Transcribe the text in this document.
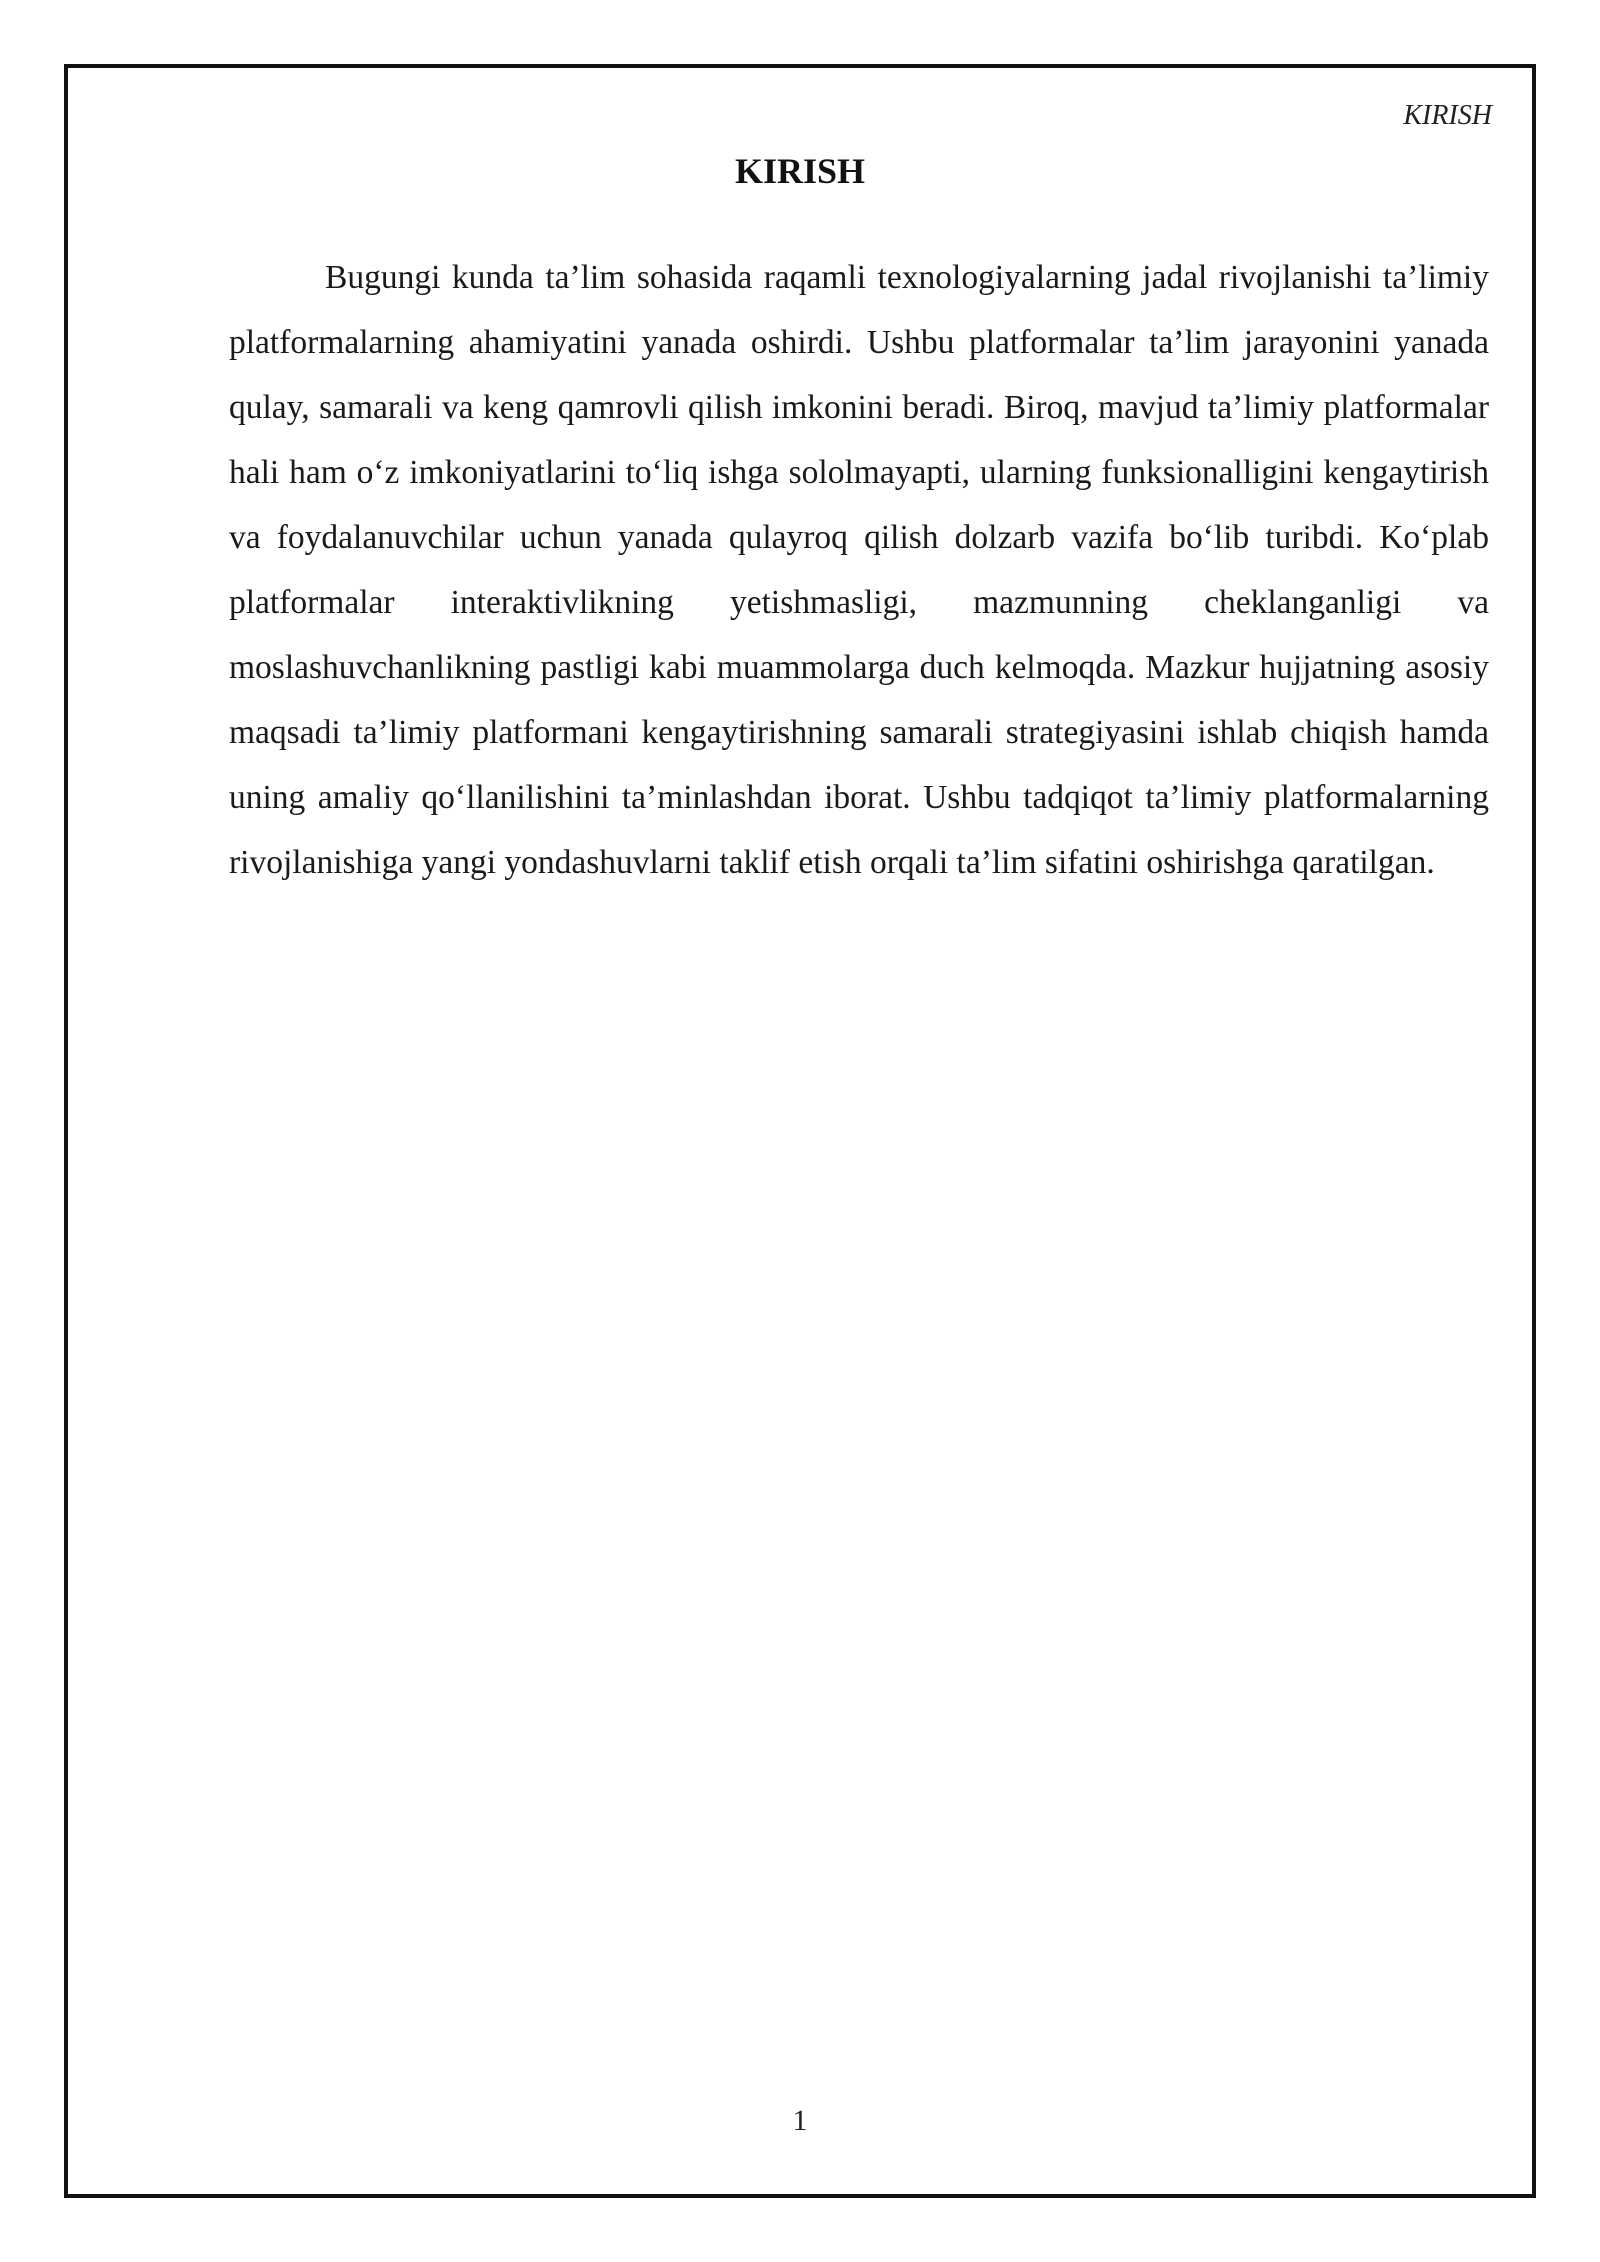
KIRISH
KIRISH

Bugungi kunda ta’lim sohasida raqamli texnologiyalarning jadal rivojlanishi ta’limiy platformalarning ahamiyatini yanada oshirdi. Ushbu platformalar ta’lim jarayonini yanada qulay, samarali va keng qamrovli qilish imkonini beradi. Biroq, mavjud ta’limiy platformalar hali ham o‘z imkoniyatlarini to‘liq ishga sololmayapti, ularning funksionalligini kengaytirish va foydalanuvchilar uchun yanada qulayroq qilish dolzarb vazifa bo‘lib turibdi. Ko‘plab platformalar interaktivlikning yetishmasligi, mazmunning cheklanganligi va moslashuvchanlikning pastligi kabi muammolarga duch kelmoqda. Mazkur hujjatning asosiy maqsadi ta’limiy platformani kengaytirishning samarali strategiyasini ishlab chiqish hamda uning amaliy qo‘llanilishini ta’minlashdan iborat. Ushbu tadqiqot ta’limiy platformalarning rivojlanishiga yangi yondashuvlarni taklif etish orqali ta’lim sifatini oshirishga qaratilgan.

1
